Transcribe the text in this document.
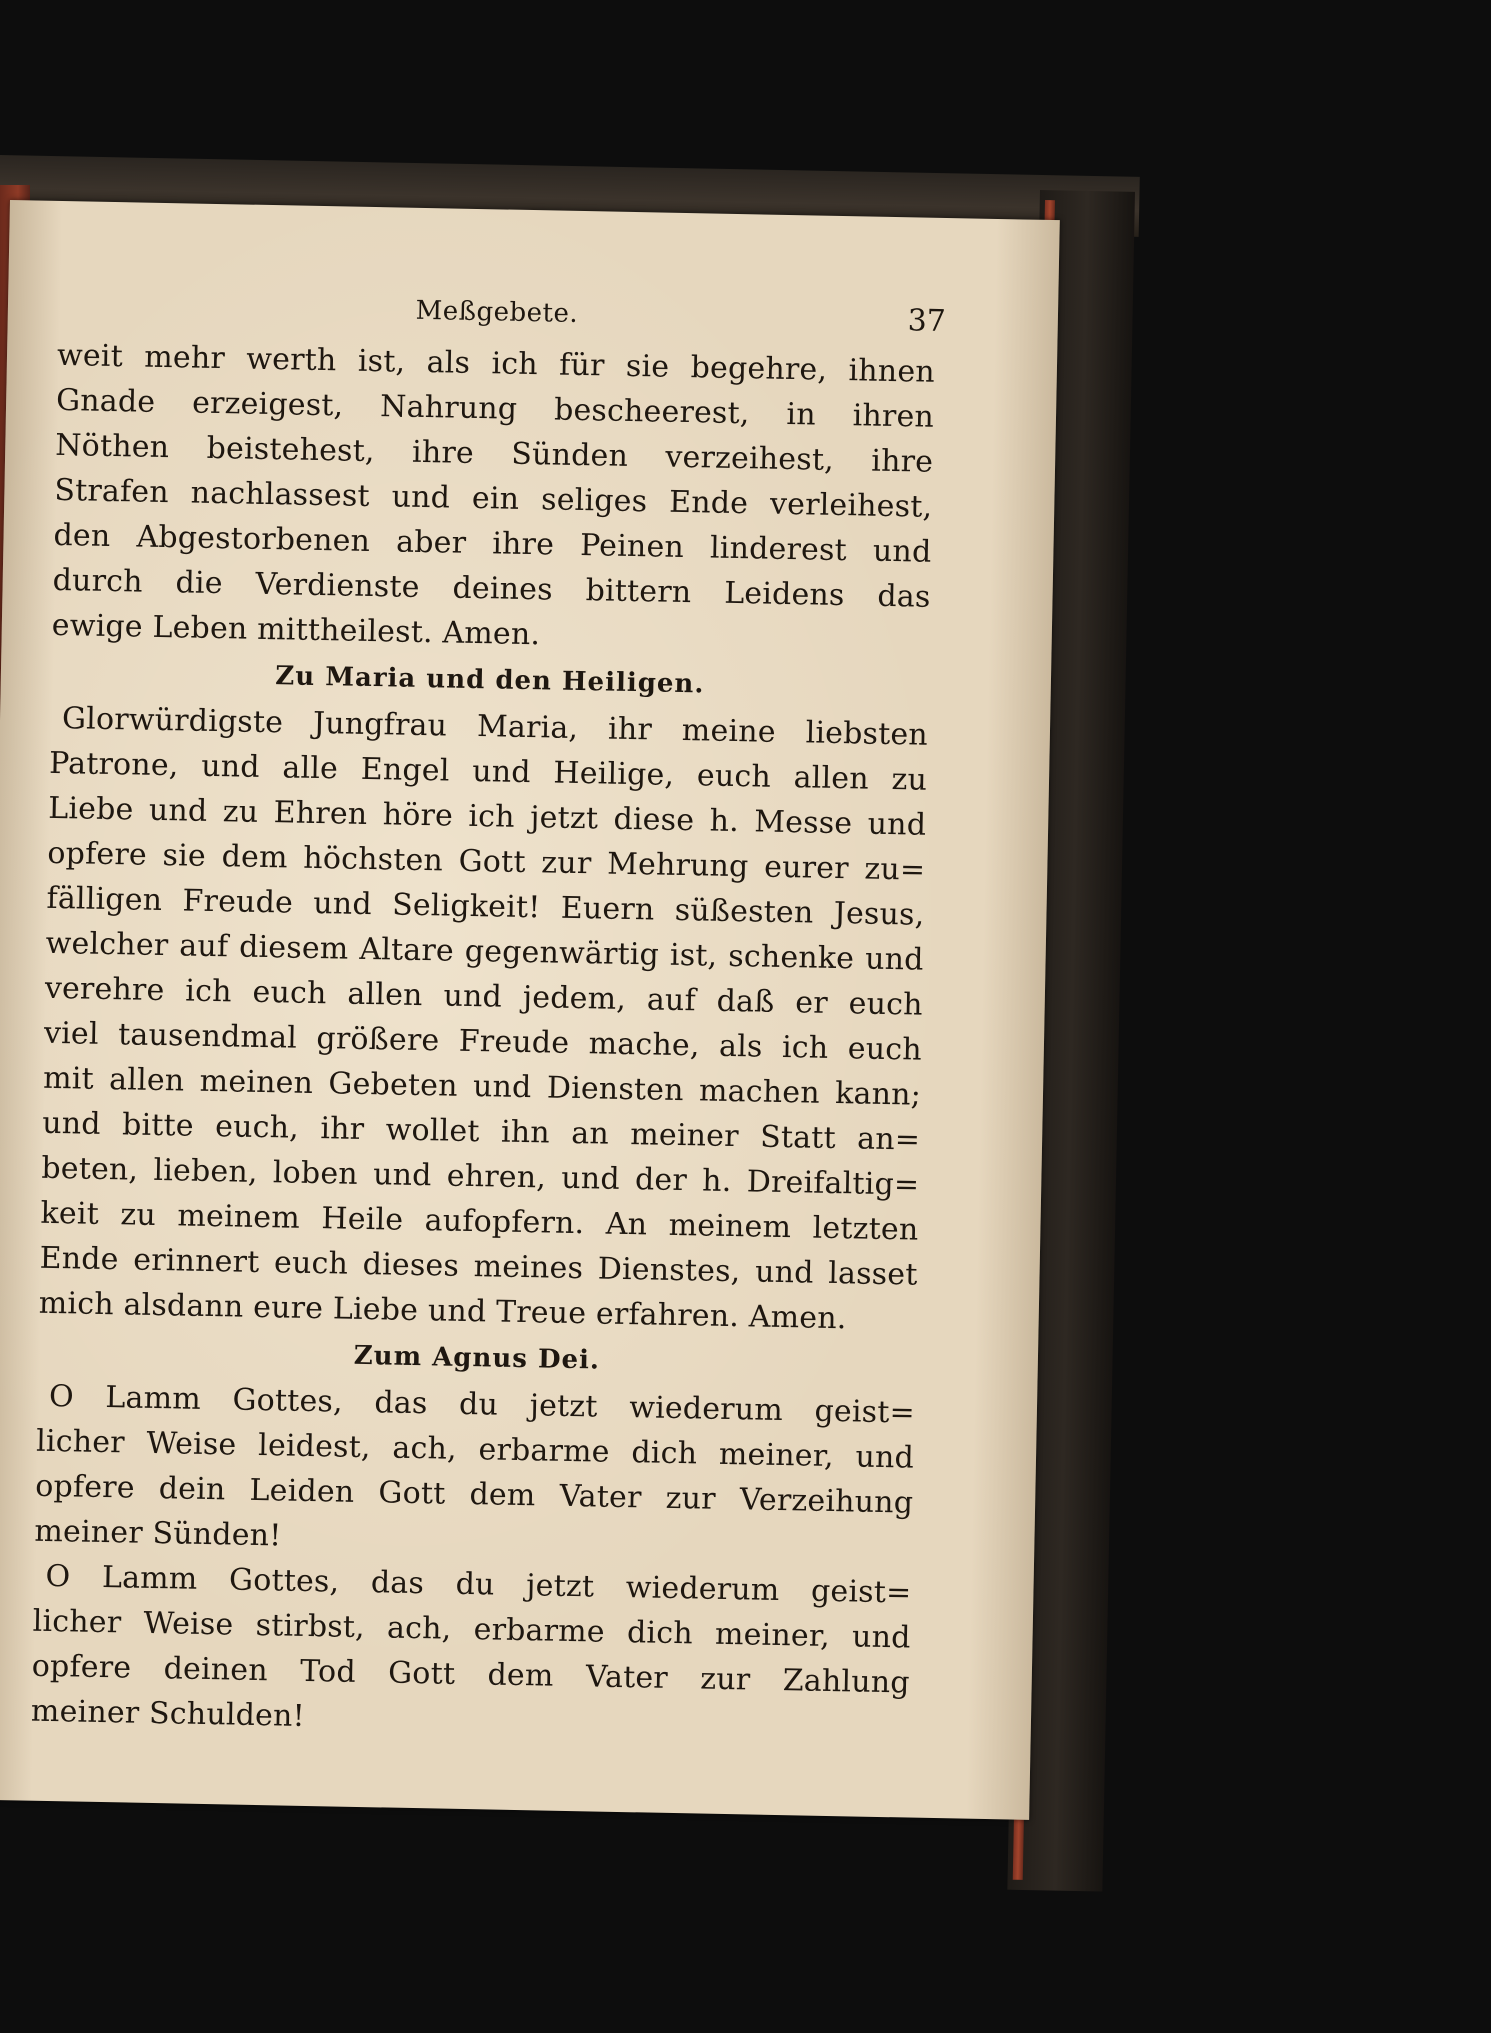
Meßgebete.	37
weit mehr werth ist, als ich für sie begehre, ihnen
Gnade erzeigest, Nahrung bescheerest, in ihren
Nöthen beistehest, ihre Sünden verzeihest, ihre
Strafen nachlassest und ein seliges Ende verleihest,
den Abgestorbenen aber ihre Peinen linderest und
durch die Verdienste deines bittern Leidens das
ewige Leben mittheilest. Amen.
Zu Maria und den Heiligen.
Glorwürdigste Jungfrau Maria, ihr meine liebsten
Patrone, und alle Engel und Heilige, euch allen zu
Liebe und zu Ehren höre ich jetzt diese h. Messe und
opfere sie dem höchsten Gott zur Mehrung eurer zu=
fälligen Freude und Seligkeit! Euern süßesten Jesus,
welcher auf diesem Altare gegenwärtig ist, schenke und
verehre ich euch allen und jedem, auf daß er euch
viel tausendmal größere Freude mache, als ich euch
mit allen meinen Gebeten und Diensten machen kann;
und bitte euch, ihr wollet ihn an meiner Statt an=
beten, lieben, loben und ehren, und der h. Dreifaltig=
keit zu meinem Heile aufopfern. An meinem letzten
Ende erinnert euch dieses meines Dienstes, und lasset
mich alsdann eure Liebe und Treue erfahren. Amen.
Zum Agnus Dei.
O Lamm Gottes, das du jetzt wiederum geist=
licher Weise leidest, ach, erbarme dich meiner, und
opfere dein Leiden Gott dem Vater zur Verzeihung
meiner Sünden!
O Lamm Gottes, das du jetzt wiederum geist=
licher Weise stirbst, ach, erbarme dich meiner, und
opfere deinen Tod Gott dem Vater zur Zahlung
meiner Schulden!
